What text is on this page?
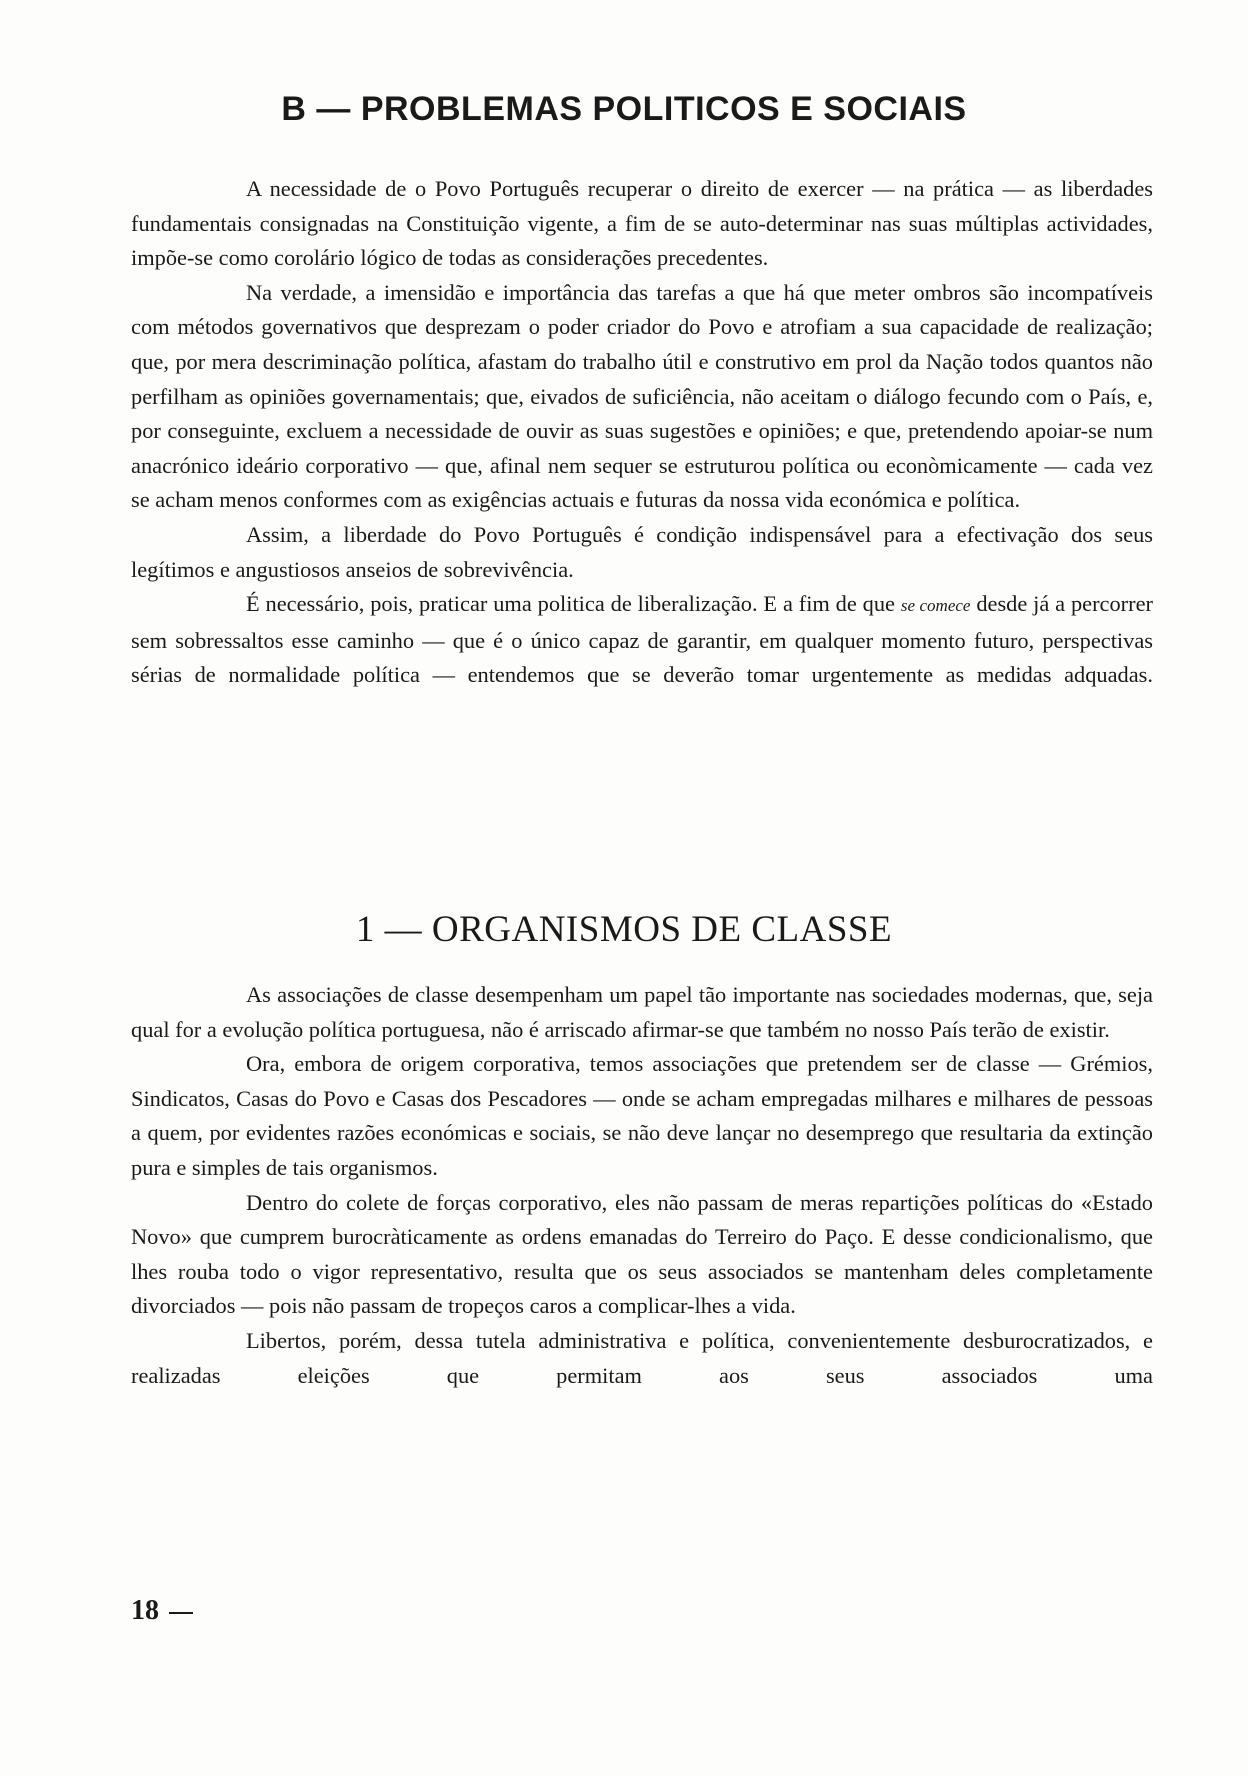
B — PROBLEMAS POLITICOS E SOCIAIS

A necessidade de o Povo Português recuperar o direito de exercer — na prática — as liberdades fundamentais consignadas na Constituição vigente, a fim de se auto-determinar nas suas múltiplas actividades, impõe-se como corolário lógico de todas as considerações precedentes.

Na verdade, a imensidão e importância das tarefas a que há que meter ombros são incompatíveis com métodos governativos que desprezam o poder criador do Povo e atrofiam a sua capacidade de realização; que, por mera descriminação política, afastam do trabalho útil e construtivo em prol da Nação todos quantos não perfilham as opiniões governamentais; que, eivados de suficiência, não aceitam o diálogo fecundo com o País, e, por conseguinte, excluem a necessidade de ouvir as suas sugestões e opiniões; e que, pretendendo apoiar-se num anacrónico ideário corporativo — que, afinal nem sequer se estruturou política ou econòmicamente — cada vez se acham menos conformes com as exigências actuais e futuras da nossa vida económica e política.

Assim, a liberdade do Povo Português é condição indispensável para a efectivação dos seus legítimos e angustiosos anseios de sobrevivência.

É necessário, pois, praticar uma politica de liberalização. E a fim de que se comece desde já a percorrer sem sobressaltos esse caminho — que é o único capaz de garantir, em qualquer momento futuro, perspectivas sérias de normalidade política — entendemos que se deverão tomar urgentemente as medidas adquadas.

1 — ORGANISMOS DE CLASSE

As associações de classe desempenham um papel tão importante nas sociedades modernas, que, seja qual for a evolução política portuguesa, não é arriscado afirmar-se que também no nosso País terão de existir.

Ora, embora de origem corporativa, temos associações que pretendem ser de classe — Grémios, Sindicatos, Casas do Povo e Casas dos Pescadores — onde se acham empregadas milhares e milhares de pessoas a quem, por evidentes razões económicas e sociais, se não deve lançar no desemprego que resultaria da extinção pura e simples de tais organismos.

Dentro do colete de forças corporativo, eles não passam de meras repartições políticas do «Estado Novo» que cumprem burocràticamente as ordens emanadas do Terreiro do Paço. E desse condicionalismo, que lhes rouba todo o vigor representativo, resulta que os seus associados se mantenham deles completamente divorciados — pois não passam de tropeços caros a complicar-lhes a vida.

Libertos, porém, dessa tutela administrativa e política, convenientemente desburocratizados, e realizadas eleições que permitam aos seus associados uma

18
